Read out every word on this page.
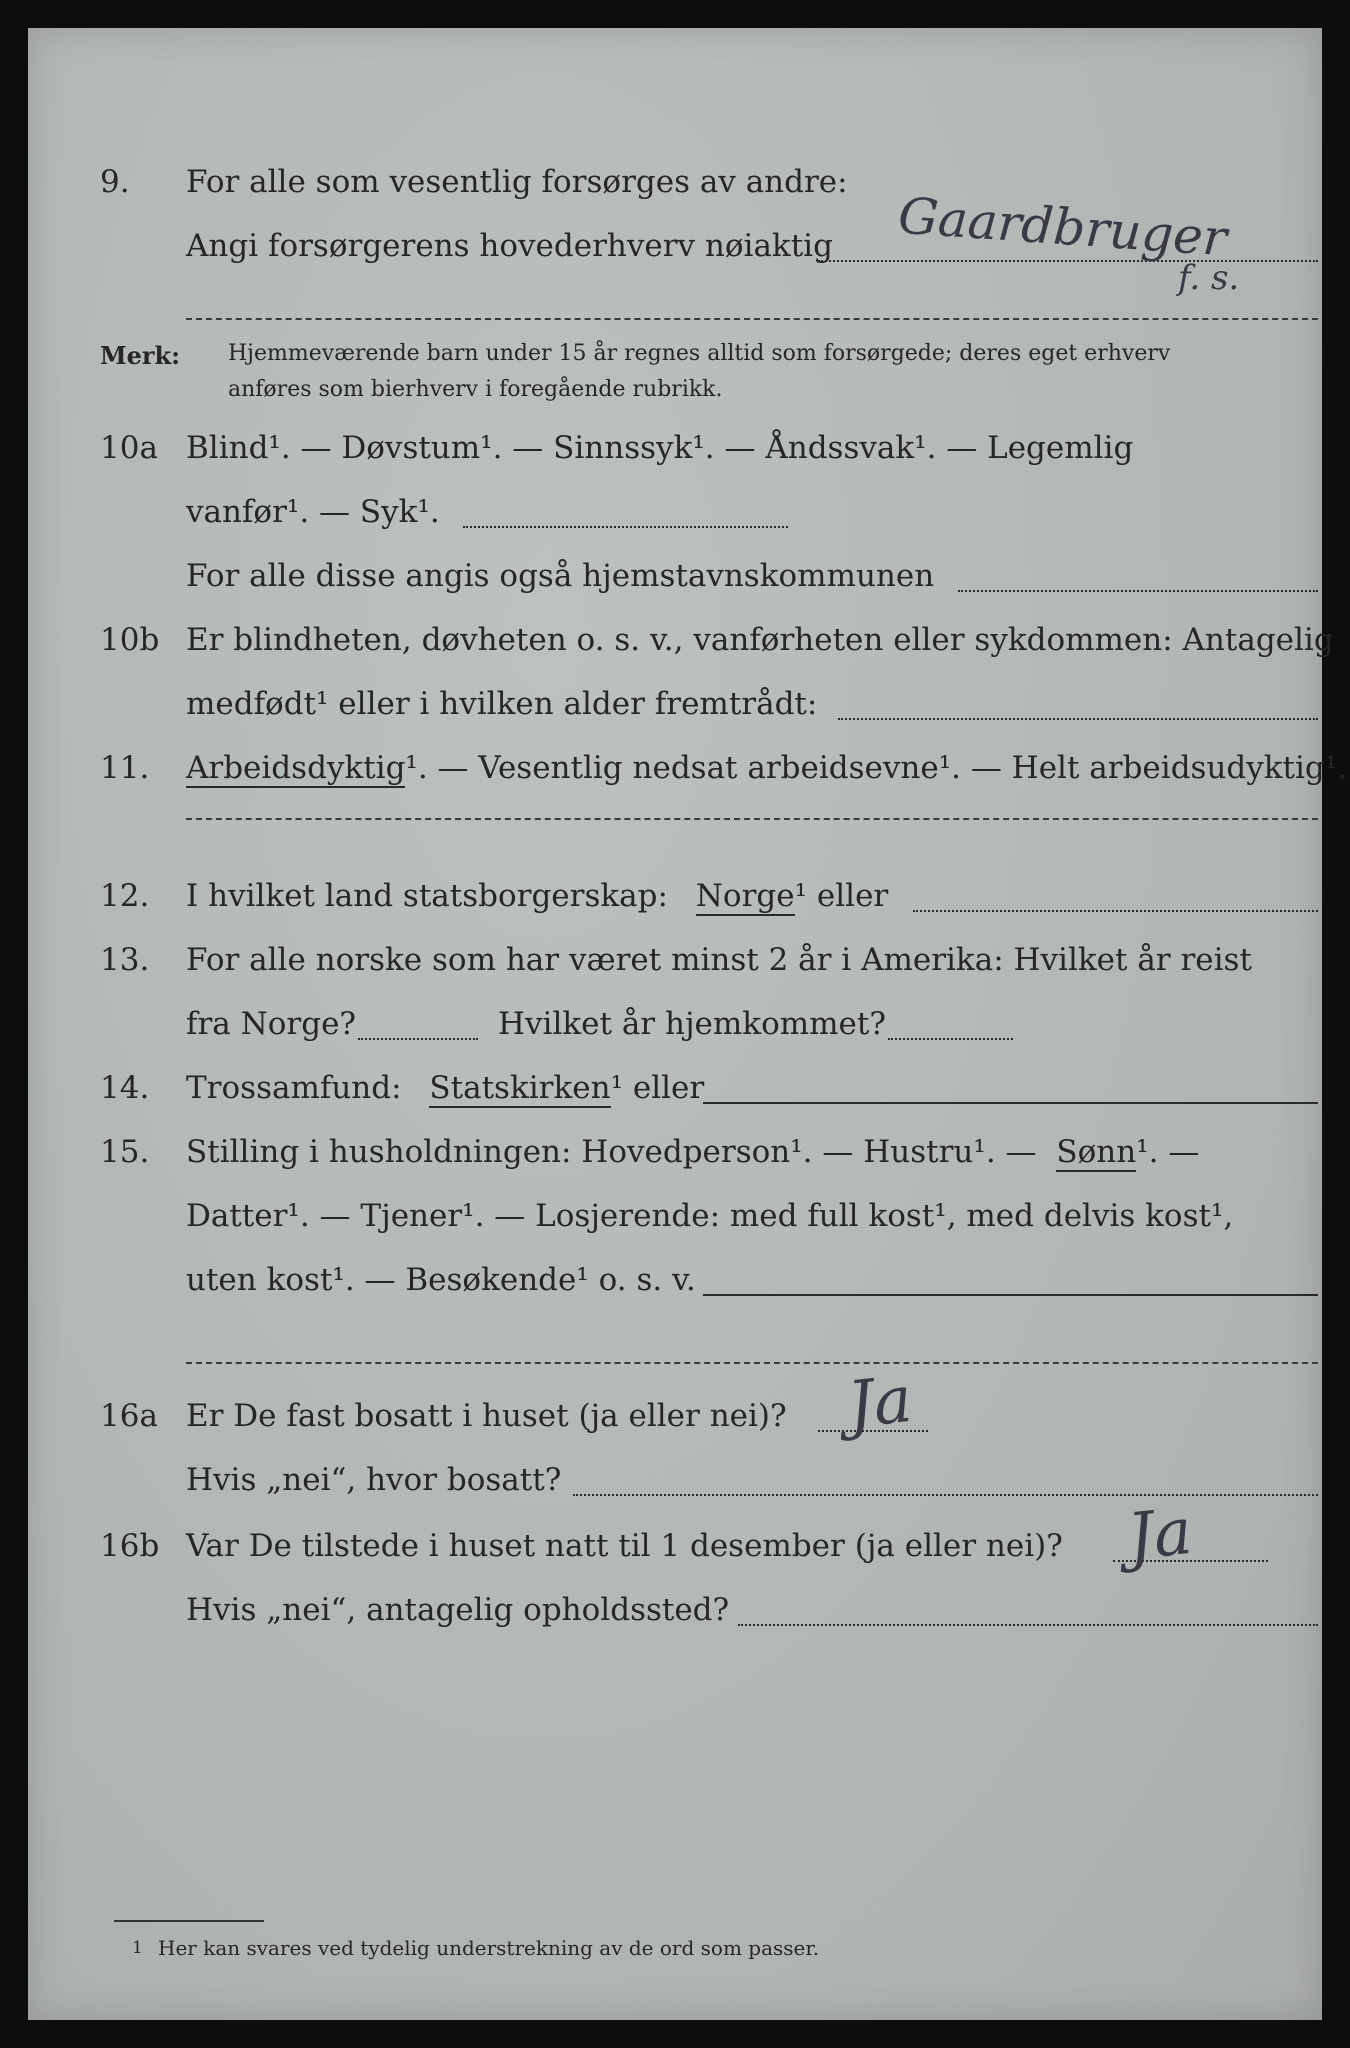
9. For alle som vesentlig forsørges av andre:
Angi forsørgerens hovederhverv nøiaktig Gaardbruger
f. s.
Merk: Hjemmeværende barn under 15 år regnes alltid som forsørgede; deres eget erhverv
anføres som bierhverv i foregående rubrikk.
10a Blind¹. — Døvstum¹. — Sinnssyk¹. — Åndssvak¹. — Legemlig
vanfør¹. — Syk¹.
For alle disse angis også hjemstavnskommunen
10b Er blindheten, døvheten o. s. v., vanførheten eller sykdommen: Antagelig
medfødt¹ eller i hvilken alder fremtrådt:
11. Arbeidsdyktig¹. — Vesentlig nedsat arbeidsevne¹. — Helt arbeidsudyktig¹.
12. I hvilket land statsborgerskap: Norge¹ eller
13. For alle norske som har været minst 2 år i Amerika: Hvilket år reist
fra Norge?	Hvilket år hjemkommet?
14. Trossamfund: Statskirken¹ eller
15. Stilling i husholdningen: Hovedperson¹. — Hustru¹. — Sønn¹. —
Datter¹. — Tjener¹. — Losjerende: med full kost¹, med delvis kost¹,
uten kost¹. — Besøkende¹ o. s. v.
16a Er De fast bosatt i huset (ja eller nei)? Ja
Hvis „nei“, hvor bosatt?
16b Var De tilstede i huset natt til 1 desember (ja eller nei)? Ja
Hvis „nei“, antagelig opholdssted?
1 Her kan svares ved tydelig understrekning av de ord som passer.
